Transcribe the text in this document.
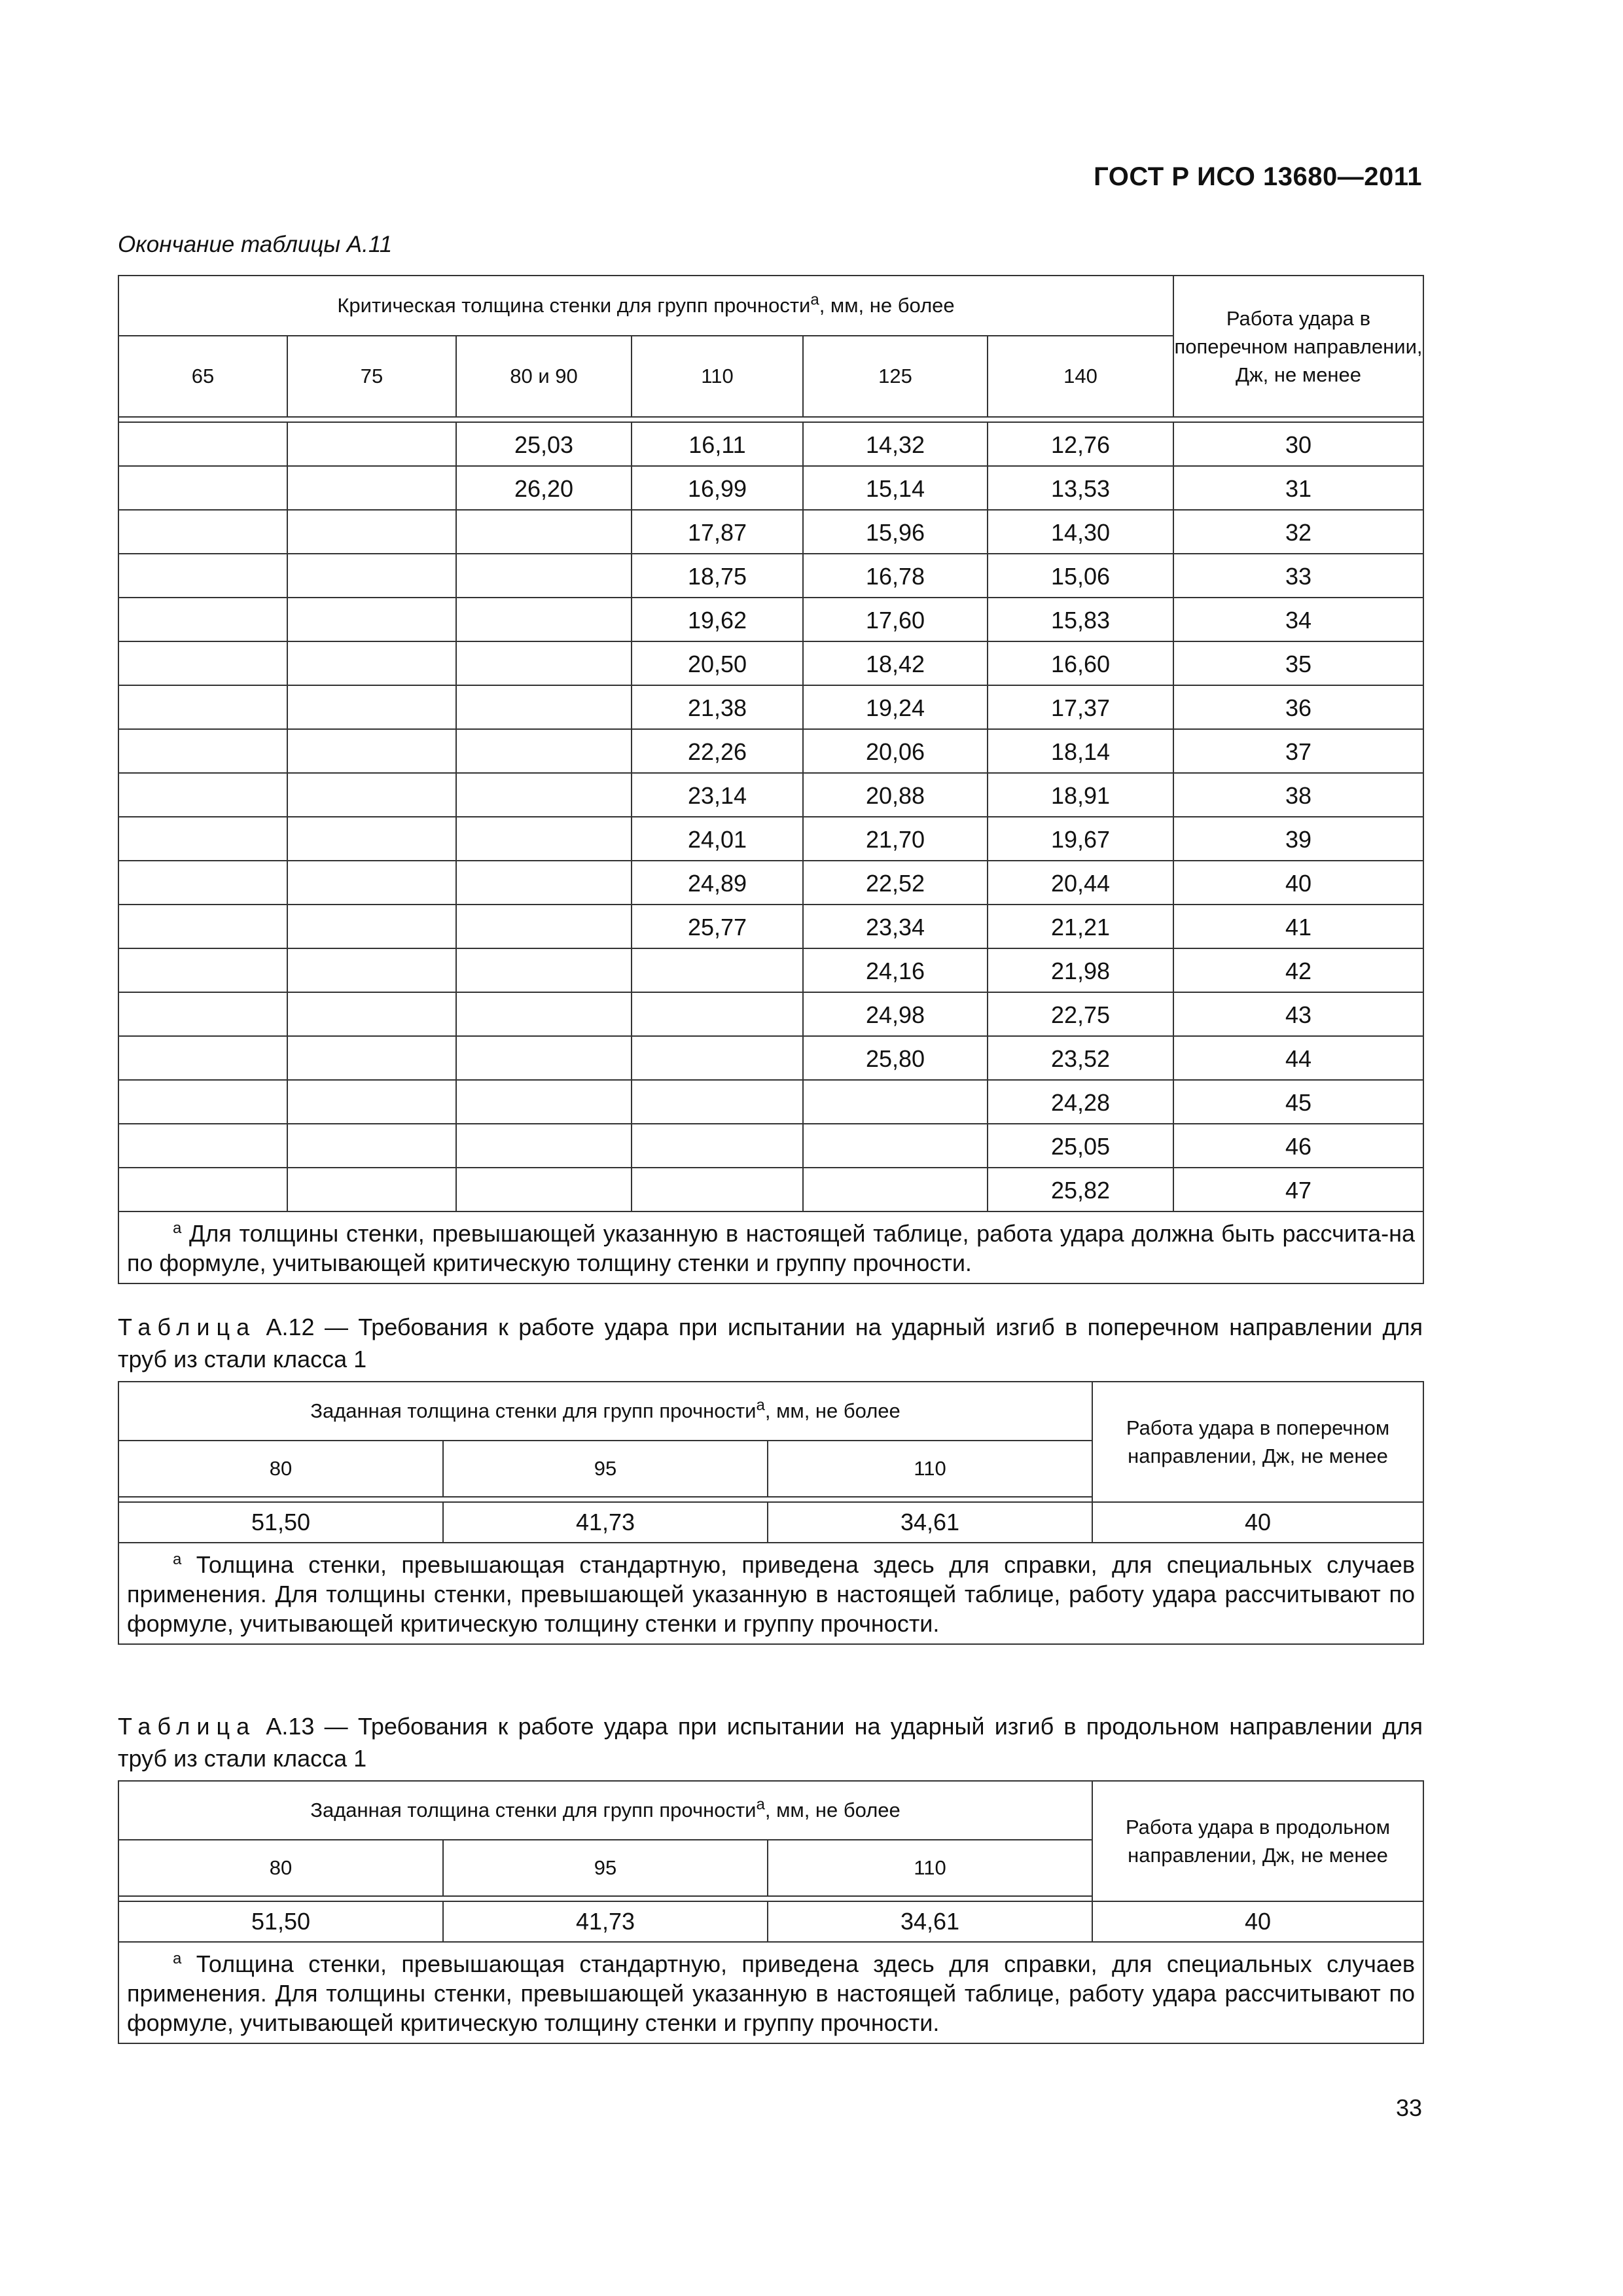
ГОСТ Р ИСО 13680—2011
Окончание таблицы А.11
Критическая толщина стенки для групп прочности$^а$, мм, не более						Работа удара в поперечном направлении, Дж, не менее
65	75	80 и 90	110	125	140	

		25,03	16,11	14,32	12,76	30
		26,20	16,99	15,14	13,53	31
			17,87	15,96	14,30	32
			18,75	16,78	15,06	33
			19,62	17,60	15,83	34
			20,50	18,42	16,60	35
			21,38	19,24	17,37	36
			22,26	20,06	18,14	37
			23,14	20,88	18,91	38
			24,01	21,70	19,67	39
			24,89	22,52	20,44	40
			25,77	23,34	21,21	41
				24,16	21,98	42
				24,98	22,75	43
				25,80	23,52	44
					24,28	45
					25,05	46
					25,82	47
$^а$ Для толщины стенки, превышающей указанную в настоящей таблице, работа удара должна быть рассчита-на по формуле, учитывающей критическую толщину стенки и группу прочности.						
Таблица А.12 — Требования к работе удара при испытании на ударный изгиб в поперечном направлении для труб из стали класса 1
Заданная толщина стенки для групп прочности$^а$, мм, не более			Работа удара в поперечном направлении, Дж, не менее
80	95	110	

51,50	41,73	34,61	40
$^а$ Толщина стенки, превышающая стандартную, приведена здесь для справки, для специальных случаев применения. Для толщины стенки, превышающей указанную в настоящей таблице, работу удара рассчитывают по формуле, учитывающей критическую толщину стенки и группу прочности.			
Таблица А.13 — Требования к работе удара при испытании на ударный изгиб в продольном направлении для труб из стали класса 1
Заданная толщина стенки для групп прочности$^а$, мм, не более			Работа удара в продольном направлении, Дж, не менее
80	95	110	

51,50	41,73	34,61	40
$^а$ Толщина стенки, превышающая стандартную, приведена здесь для справки, для специальных случаев применения. Для толщины стенки, превышающей указанную в настоящей таблице, работу удара рассчитывают по формуле, учитывающей критическую толщину стенки и группу прочности.			
33
